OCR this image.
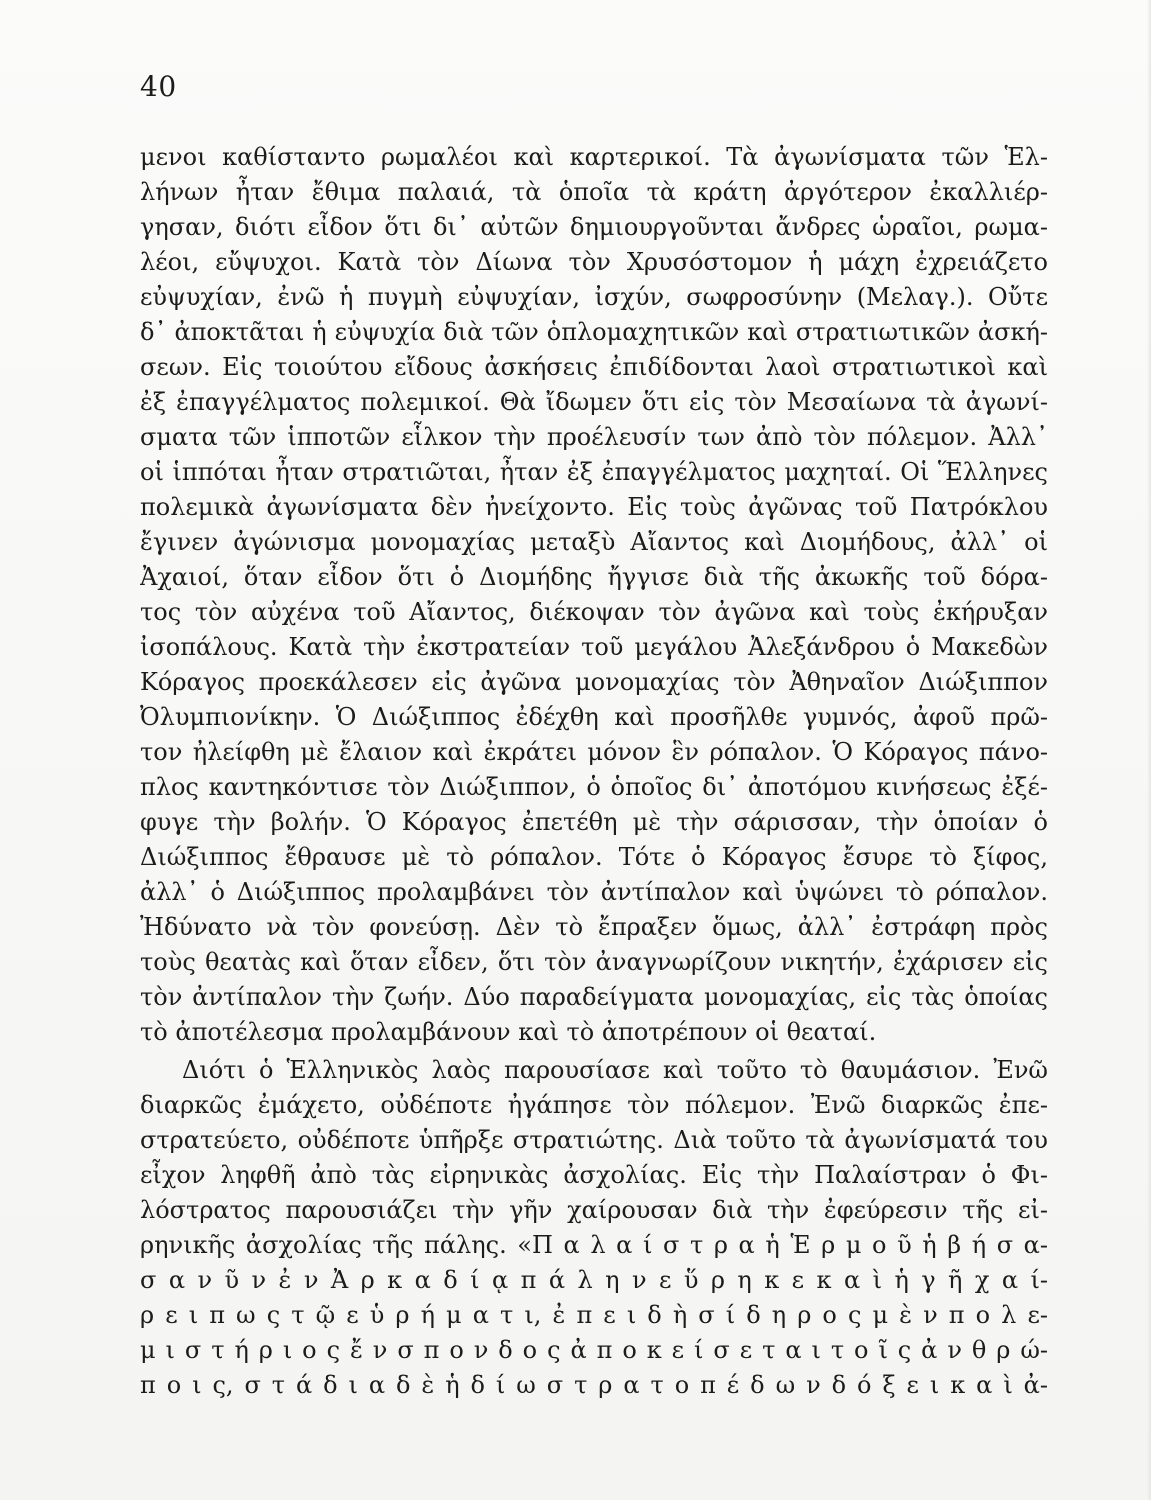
40
μενοι καθίσταντο ρωμαλέοι καὶ καρτερικοί. Τὰ ἀγωνίσματα τῶν Ἑλ-
λήνων ἦταν ἔθιμα παλαιά, τὰ ὁποῖα τὰ κράτη ἀργότερον ἐκαλλιέρ-
γησαν, διότι εἶδον ὅτι δι᾿ αὐτῶν δημιουργοῦνται ἄνδρες ὡραῖοι, ρωμα-
λέοι, εὔψυχοι. Κατὰ τὸν Δίωνα τὸν Χρυσόστομον ἡ μάχη ἐχρειάζετο
εὐψυχίαν, ἐνῶ ἡ πυγμὴ εὐψυχίαν, ἰσχύν, σωφροσύνην (Μελαγ.). Οὔτε
δ᾿ ἀποκτᾶται ἡ εὐψυχία διὰ τῶν ὁπλομαχητικῶν καὶ στρατιωτικῶν ἀσκή-
σεων. Εἰς τοιούτου εἴδους ἀσκήσεις ἐπιδίδονται λαοὶ στρατιωτικοὶ καὶ
ἐξ ἐπαγγέλματος πολεμικοί. Θὰ ἴδωμεν ὅτι εἰς τὸν Μεσαίωνα τὰ ἀγωνί-
σματα τῶν ἱπποτῶν εἷλκον τὴν προέλευσίν των ἀπὸ τὸν πόλεμον. Ἀλλ᾿
οἱ ἱππόται ἦταν στρατιῶται, ἦταν ἐξ ἐπαγγέλματος μαχηταί. Οἱ Ἕλληνες
πολεμικὰ ἀγωνίσματα δὲν ἠνείχοντο. Εἰς τοὺς ἀγῶνας τοῦ Πατρόκλου
ἔγινεν ἀγώνισμα μονομαχίας μεταξὺ Αἴαντος καὶ Διομήδους, ἀλλ᾿ οἱ
Ἀχαιοί, ὅταν εἶδον ὅτι ὁ Διομήδης ἤγγισε διὰ τῆς ἀκωκῆς τοῦ δόρα-
τος τὸν αὐχένα τοῦ Αἴαντος, διέκοψαν τὸν ἀγῶνα καὶ τοὺς ἐκήρυξαν
ἰσοπάλους. Κατὰ τὴν ἐκστρατείαν τοῦ μεγάλου Ἀλεξάνδρου ὁ Μακεδὼν
Κόραγος προεκάλεσεν εἰς ἀγῶνα μονομαχίας τὸν Ἀθηναῖον Διώξιππον
Ὀλυμπιονίκην. Ὁ Διώξιππος ἐδέχθη καὶ προσῆλθε γυμνός, ἀφοῦ πρῶ-
τον ἠλείφθη μὲ ἔλαιον καὶ ἐκράτει μόνον ἓν ρόπαλον. Ὁ Κόραγος πάνο-
πλος καντηκόντισε τὸν Διώξιππον, ὁ ὁποῖος δι᾿ ἀποτόμου κινήσεως ἐξέ-
φυγε τὴν βολήν. Ὁ Κόραγος ἐπετέθη μὲ τὴν σάρισσαν, τὴν ὁποίαν ὁ
Διώξιππος ἔθραυσε μὲ τὸ ρόπαλον. Τότε ὁ Κόραγος ἔσυρε τὸ ξίφος,
ἀλλ᾿ ὁ Διώξιππος προλαμβάνει τὸν ἀντίπαλον καὶ ὑψώνει τὸ ρόπαλον.
Ἠδύνατο νὰ τὸν φονεύσῃ. Δὲν τὸ ἔπραξεν ὅμως, ἀλλ᾿ ἐστράφη πρὸς
τοὺς θεατὰς καὶ ὅταν εἶδεν, ὅτι τὸν ἀναγνωρίζουν νικητήν, ἐχάρισεν εἰς
τὸν ἀντίπαλον τὴν ζωήν. Δύο παραδείγματα μονομαχίας, εἰς τὰς ὁποίας
τὸ ἀποτέλεσμα προλαμβάνουν καὶ τὸ ἀποτρέπουν οἱ θεαταί.
Διότι ὁ Ἑλληνικὸς λαὸς παρουσίασε καὶ τοῦτο τὸ θαυμάσιον. Ἐνῶ
διαρκῶς ἐμάχετο, οὐδέποτε ἠγάπησε τὸν πόλεμον. Ἐνῶ διαρκῶς ἐπε-
στρατεύετο, οὐδέποτε ὑπῆρξε στρατιώτης. Διὰ τοῦτο τὰ ἀγωνίσματά του
εἶχον ληφθῆ ἀπὸ τὰς εἰρηνικὰς ἀσχολίας. Εἰς τὴν Παλαίστραν ὁ Φι-
λόστρατος παρουσιάζει τὴν γῆν χαίρουσαν διὰ τὴν ἐφεύρεσιν τῆς εἰ-
ρηνικῆς ἀσχολίας τῆς πάλης. «Π α λ α ί σ τ ρ α ἡ Ἑ ρ μ ο ῦ ἡ β ή σ α-
σ α ν ῦ ν ἐ ν Ἀ ρ κ α δ ί ᾳ π ά λ η ν ε ὕ ρ η κ ε κ α ὶ ἡ γ ῆ χ α ί-
ρ ε ι π ω ς τ ῷ ε ὑ ρ ή μ α τ ι, ἐ π ε ι δ ὴ σ ί δ η ρ ο ς μ ὲ ν π ο λ ε-
μ ι σ τ ή ρ ι ο ς ἔ ν σ π ο ν δ ο ς ἀ π ο κ ε ί σ ε τ α ι τ ο ῖ ς ἀ ν θ ρ ώ-
π ο ι ς, σ τ ά δ ι α δ ὲ ἡ δ ί ω σ τ ρ α τ ο π έ δ ω ν δ ό ξ ε ι κ α ὶ ἀ-
